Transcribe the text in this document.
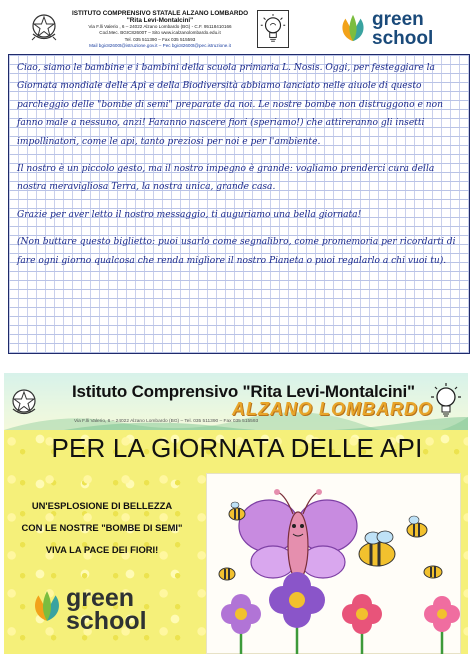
ISTITUTO COMPRENSIVO STATALE ALZANO LOMBARDO
"Rita Levi-Montalcini"
Via F.lli Valerio , 6 – 24022 Alzano Lombardo (BG) - C.F. 95118410166
Cod.Mec. BGIC82600T – Sito www.icalzanolombardo.edu.it
Tel. 035 511390 – Fax 035 515593
Mail bgic82600t@istruzione.gov.it – Pec bgic82600t@pec.istruzione.it
green
school

Ciao, siamo le bambine e i bambini della scuola primaria L. Nosis. Oggi, per festeggiare la Giornata mondiale delle Api e della Biodiversità abbiamo lanciato nelle aiuole di questo parcheggio delle "bombe di semi" preparate da noi. Le nostre bombe non distruggono e non fanno male a nessuno, anzi! Faranno nascere fiori (speriamo!) che attireranno gli insetti impollinatori, come le api, tanto preziosi per noi e per l'ambiente.

Il nostro è un piccolo gesto, ma il nostro impegno è grande: vogliamo prenderci cura della nostra meravigliosa Terra, la nostra unica, grande casa.

Grazie per aver letto il nostro messaggio, ti auguriamo una bella giornata!

(Non buttare questo biglietto: puoi usarlo come segnalibro, come promemoria per ricordarti di fare ogni giorno qualcosa che renda migliore il nostro Pianeta o puoi regalarlo a chi vuoi tu).

Istituto Comprensivo "Rita Levi-Montalcini"
ALZANO LOMBARDO
Via F.lli Valerio, 6 – 24022 Alzano Lombardo (BG) – Tel. 035 511390 – Fax 035 515593
PER LA GIORNATA DELLE API
UN'ESPLOSIONE DI BELLEZZA
CON LE NOSTRE "BOMBE DI SEMI"
VIVA LA PACE DEI FIORI!
green
school
